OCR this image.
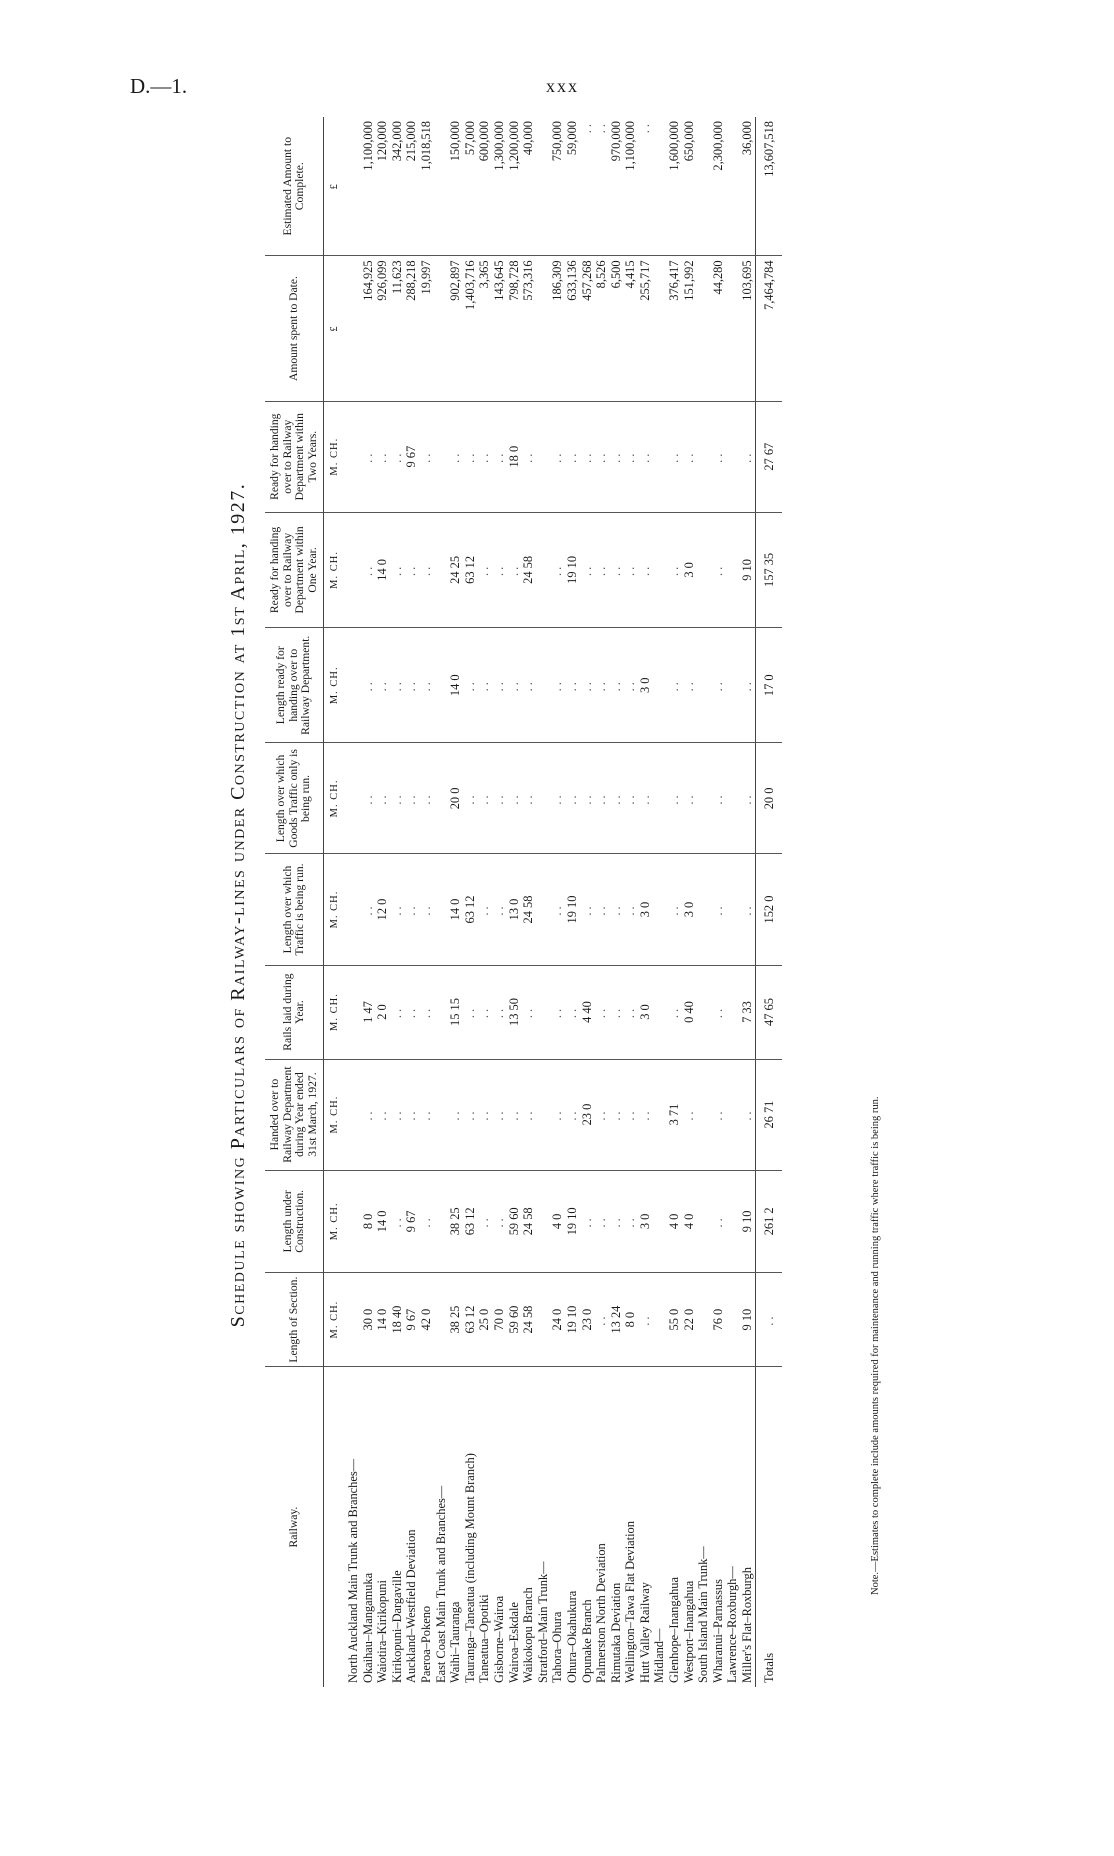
D.—1.	xxx
Schedule showing Particulars of Railway-lines under Construction at 1st April, 1927.
Railway.	Length of Section.	Length under Construction.	Handed over to Railway Department during Year ended 31st March, 1927.	Rails laid during Year.	Length over which Traffic is being run.	Length over which Goods Traffic only is being run.	Length ready for handing over to Railway Department.	Ready for handing over to Railway Department within One Year.	Ready for handing over to Railway Department within Two Years.	Amount spent to Date.	Estimated Amount to Complete.
	M. CH.	M. CH.	M. CH.	M. CH.	M. CH.	M. CH.	M. CH.	M. CH.	M. CH.	£	£
North Auckland Main Trunk and Branches—											
Okaihau–Mangamuka	30 0	8 0	..	1 47	..	..	..	..	..	164,925	1,100,000
Waiotira–Kirikopuni	14 0	14 0	..	2 0	12 0	..	..	14 0	..	926,099	120,000
Kirikopuni–Dargaville	18 40	..	..	..	..	..	..	..	..	11,623	342,000
Auckland–Westfield Deviation	9 67	9 67	..	..	..	..	..	..	9 67	288,218	215,000
Paeroa–Pokeno	42 0	..	..	..	..	..	..	..	..	19,997	1,018,518
East Coast Main Trunk and Branches—											
Waihi–Tauranga	38 25	38 25	..	15 15	14 0	20 0	14 0	24 25	..	902,897	150,000
Tauranga–Taneatua (including Mount Branch)	63 12	63 12	..	..	63 12	..	..	63 12	..	1,403,716	57,000
Taneatua–Opotiki	25 0	..	..	..	..	..	..	..	..	3,365	600,000
Gisborne–Wairoa	70 0	..	..	..	..	..	..	..	..	143,645	1,300,000
Wairoa–Eskdale	59 60	59 60	..	13 50	13 0	..	..	..	18 0	798,728	1,200,000
Waikokopu Branch	24 58	24 58	..	..	24 58	..	..	24 58	..	573,316	40,000
Stratford–Main Trunk—											
Tahora–Ohura	24 0	4 0	..	..	..	..	..	..	..	186,309	750,000
Ohura–Okahukura	19 10	19 10	..	..	19 10	..	..	19 10	..	633,136	59,000
Opunake Branch	23 0	..	23 0	4 40	..	..	..	..	..	457,268	..
Palmerston North Deviation	..	..	..	..	..	..	..	..	..	8,526	..
Rimutaka Deviation	13 24	..	..	..	..	..	..	..	..	6,500	970,000
Wellington–Tawa Flat Deviation	8 0	..	..	..	..	..	..	..	..	4,415	1,100,000
Hutt Valley Railway	..	3 0	..	3 0	3 0	..	3 0	..	..	255,717	..
Midland—											
Glenhope–Inangahua	55 0	4 0	3 71	..	..	..	..	..	..	376,417	1,600,000
Westport–Inangahua	22 0	4 0	..	0 40	3 0	..	..	3 0	..	151,992	650,000
South Island Main Trunk—											
Wharanui–Parnassus	76 0	..	..	..	..	..	..	..	..	44,280	2,300,000
Lawrence–Roxburgh—											
Miller's Flat–Roxburgh	9 10	9 10	..	7 33	..	..	..	9 10	..	103,695	36,000
Totals	..	261 2	26 71	47 65	152 0	20 0	17 0	157 35	27 67	7,464,784	13,607,518
Note.—Estimates to complete include amounts required for maintenance and running traffic where traffic is being run.
